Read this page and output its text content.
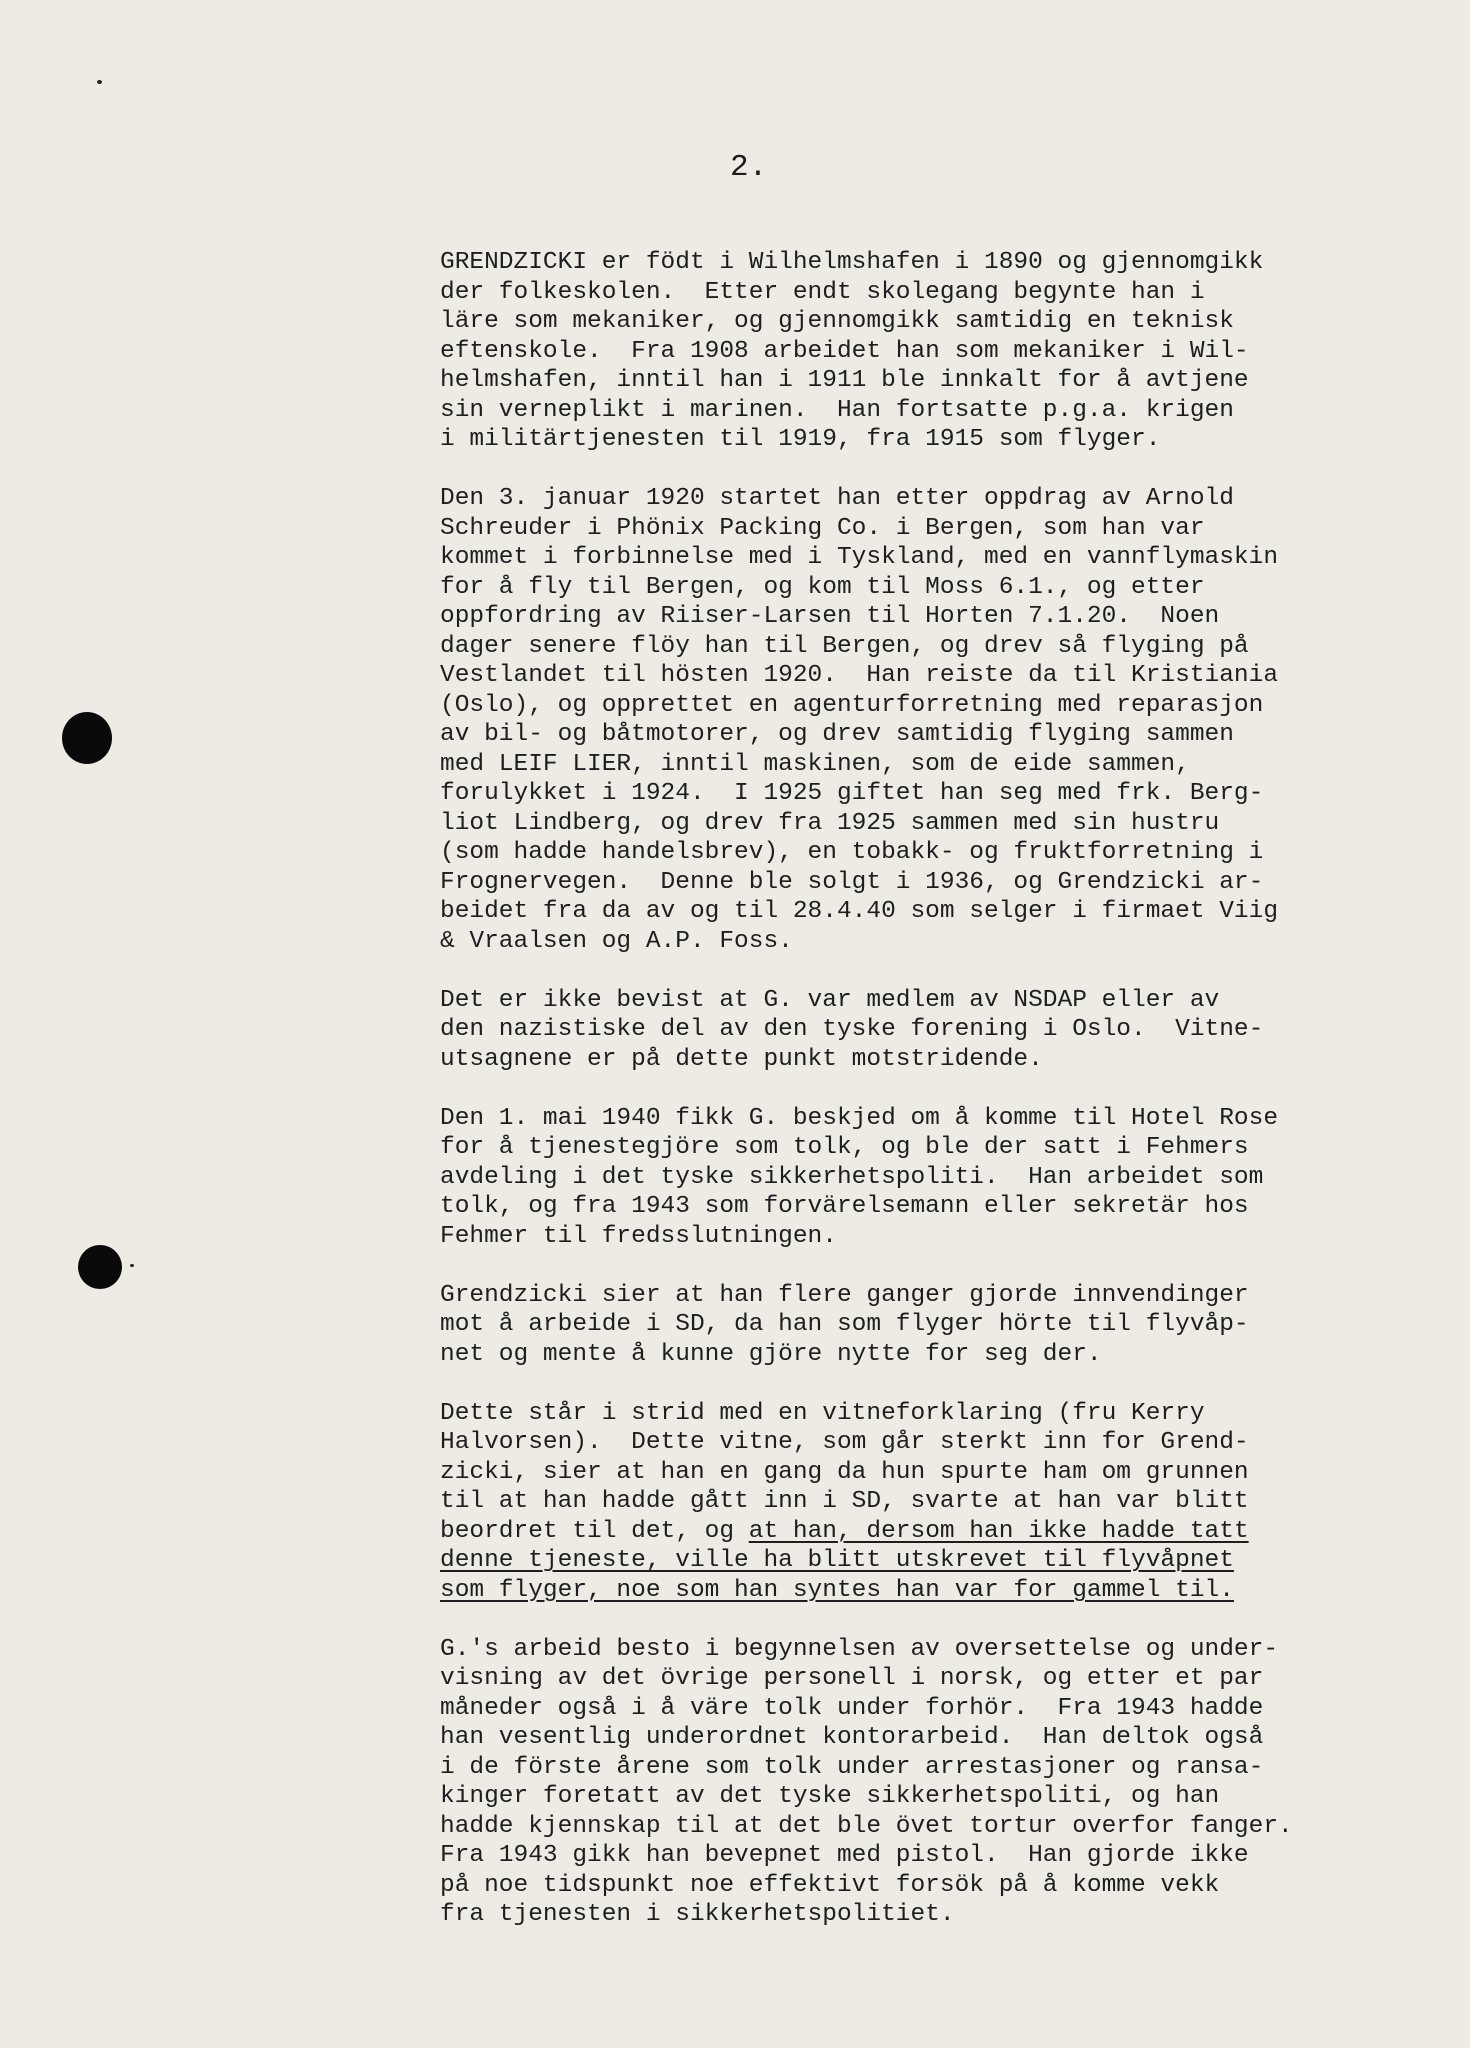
2.

GRENDZICKI er födt i Wilhelmshafen i 1890 og gjennomgikk
der folkeskolen.  Etter endt skolegang begynte han i
läre som mekaniker, og gjennomgikk samtidig en teknisk
eftenskole.  Fra 1908 arbeidet han som mekaniker i Wil-
helmshafen, inntil han i 1911 ble innkalt for å avtjene
sin verneplikt i marinen.  Han fortsatte p.g.a. krigen
i militärtjenesten til 1919, fra 1915 som flyger.
Den 3. januar 1920 startet han etter oppdrag av Arnold
Schreuder i Phönix Packing Co. i Bergen, som han var
kommet i forbinnelse med i Tyskland, med en vannflymaskin
for å fly til Bergen, og kom til Moss 6.1., og etter
oppfordring av Riiser-Larsen til Horten 7.1.20.  Noen
dager senere flöy han til Bergen, og drev så flyging på
Vestlandet til hösten 1920.  Han reiste da til Kristiania
(Oslo), og opprettet en agenturforretning med reparasjon
av bil- og båtmotorer, og drev samtidig flyging sammen
med LEIF LIER, inntil maskinen, som de eide sammen,
forulykket i 1924.  I 1925 giftet han seg med frk. Berg-
liot Lindberg, og drev fra 1925 sammen med sin hustru
(som hadde handelsbrev), en tobakk- og fruktforretning i
Frognervegen.  Denne ble solgt i 1936, og Grendzicki ar-
beidet fra da av og til 28.4.40 som selger i firmaet Viig
& Vraalsen og A.P. Foss.
Det er ikke bevist at G. var medlem av NSDAP eller av
den nazistiske del av den tyske forening i Oslo.  Vitne-
utsagnene er på dette punkt motstridende.
Den 1. mai 1940 fikk G. beskjed om å komme til Hotel Rose
for å tjenestegjöre som tolk, og ble der satt i Fehmers
avdeling i det tyske sikkerhetspoliti.  Han arbeidet som
tolk, og fra 1943 som forvärelsemann eller sekretär hos
Fehmer til fredsslutningen.
Grendzicki sier at han flere ganger gjorde innvendinger
mot å arbeide i SD, da han som flyger hörte til flyvåp-
net og mente å kunne gjöre nytte for seg der.
Dette står i strid med en vitneforklaring (fru Kerry
Halvorsen).  Dette vitne, som går sterkt inn for Grend-
zicki, sier at han en gang da hun spurte ham om grunnen
til at han hadde gått inn i SD, svarte at han var blitt
beordret til det, og at han, dersom han ikke hadde tatt
denne tjeneste, ville ha blitt utskrevet til flyvåpnet
som flyger, noe som han syntes han var for gammel til.
G.'s arbeid besto i begynnelsen av oversettelse og under-
visning av det övrige personell i norsk, og etter et par
måneder også i å väre tolk under forhör.  Fra 1943 hadde
han vesentlig underordnet kontorarbeid.  Han deltok også
i de förste årene som tolk under arrestasjoner og ransa-
kinger foretatt av det tyske sikkerhetspoliti, og han
hadde kjennskap til at det ble övet tortur overfor fanger.
Fra 1943 gikk han bevepnet med pistol.  Han gjorde ikke
på noe tidspunkt noe effektivt forsök på å komme vekk
fra tjenesten i sikkerhetspolitiet.
